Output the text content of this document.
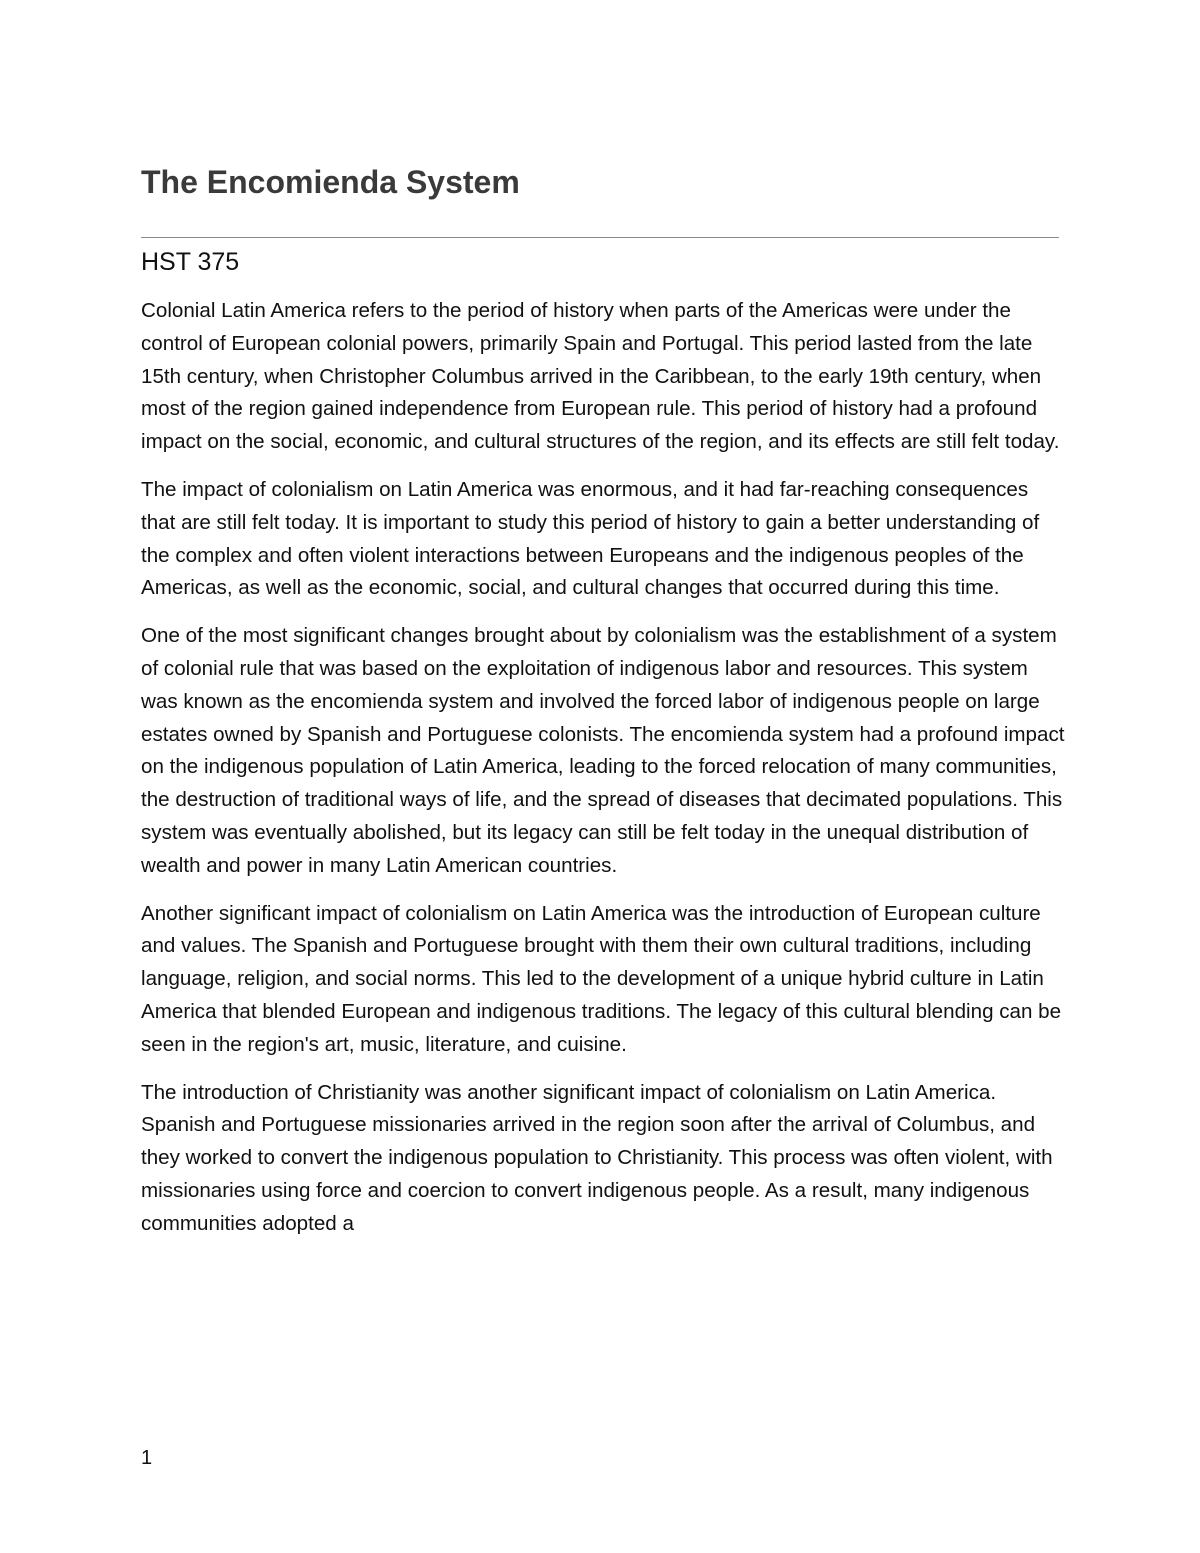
The Encomienda System
HST 375

Colonial Latin America refers to the period of history when parts of the Americas were under the control of European colonial powers, primarily Spain and Portugal. This period lasted from the late 15th century, when Christopher Columbus arrived in the Caribbean, to the early 19th century, when most of the region gained independence from European rule. This period of history had a profound impact on the social, economic, and cultural structures of the region, and its effects are still felt today.

The impact of colonialism on Latin America was enormous, and it had far-reaching consequences that are still felt today. It is important to study this period of history to gain a better understanding of the complex and often violent interactions between Europeans and the indigenous peoples of the Americas, as well as the economic, social, and cultural changes that occurred during this time.

One of the most significant changes brought about by colonialism was the establishment of a system of colonial rule that was based on the exploitation of indigenous labor and resources. This system was known as the encomienda system and involved the forced labor of indigenous people on large estates owned by Spanish and Portuguese colonists. The encomienda system had a profound impact on the indigenous population of Latin America, leading to the forced relocation of many communities, the destruction of traditional ways of life, and the spread of diseases that decimated populations. This system was eventually abolished, but its legacy can still be felt today in the unequal distribution of wealth and power in many Latin American countries.

Another significant impact of colonialism on Latin America was the introduction of European culture and values. The Spanish and Portuguese brought with them their own cultural traditions, including language, religion, and social norms. This led to the development of a unique hybrid culture in Latin America that blended European and indigenous traditions. The legacy of this cultural blending can be seen in the region's art, music, literature, and cuisine.

The introduction of Christianity was another significant impact of colonialism on Latin America. Spanish and Portuguese missionaries arrived in the region soon after the arrival of Columbus, and they worked to convert the indigenous population to Christianity. This process was often violent, with missionaries using force and coercion to convert indigenous people. As a result, many indigenous communities adopted a

1
